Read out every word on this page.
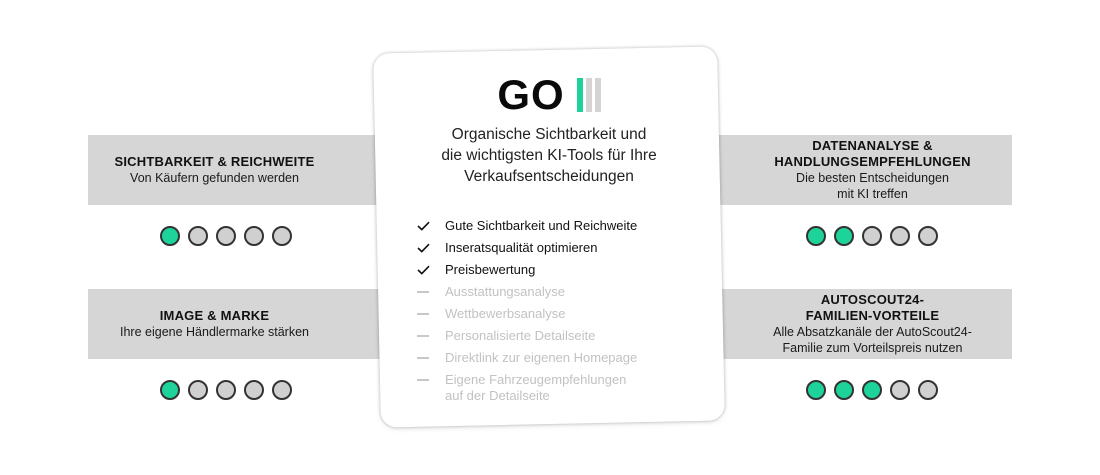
SICHTBARKEIT & REICHWEITE
Von Käufern gefunden werden
IMAGE & MARKE
Ihre eigene Händlermarke stärken
DATENANALYSE &
HANDLUNGSEMPFEHLUNGEN
Die besten Entscheidungen
mit KI treffen
AUTOSCOUT24-
FAMILIEN-VORTEILE
Alle Absatzkanäle der AutoScout24-
Familie zum Vorteilspreis nutzen
GO
Organische Sichtbarkeit und
die wichtigsten KI-Tools für Ihre
Verkaufsentscheidungen
Gute Sichtbarkeit und Reichweite
Inseratsqualität optimieren
Preisbewertung
Ausstattungsanalyse
Wettbewerbsanalyse
Personalisierte Detailseite
Direktlink zur eigenen Homepage
Eigene Fahrzeugempfehlungen
auf der Detailseite
